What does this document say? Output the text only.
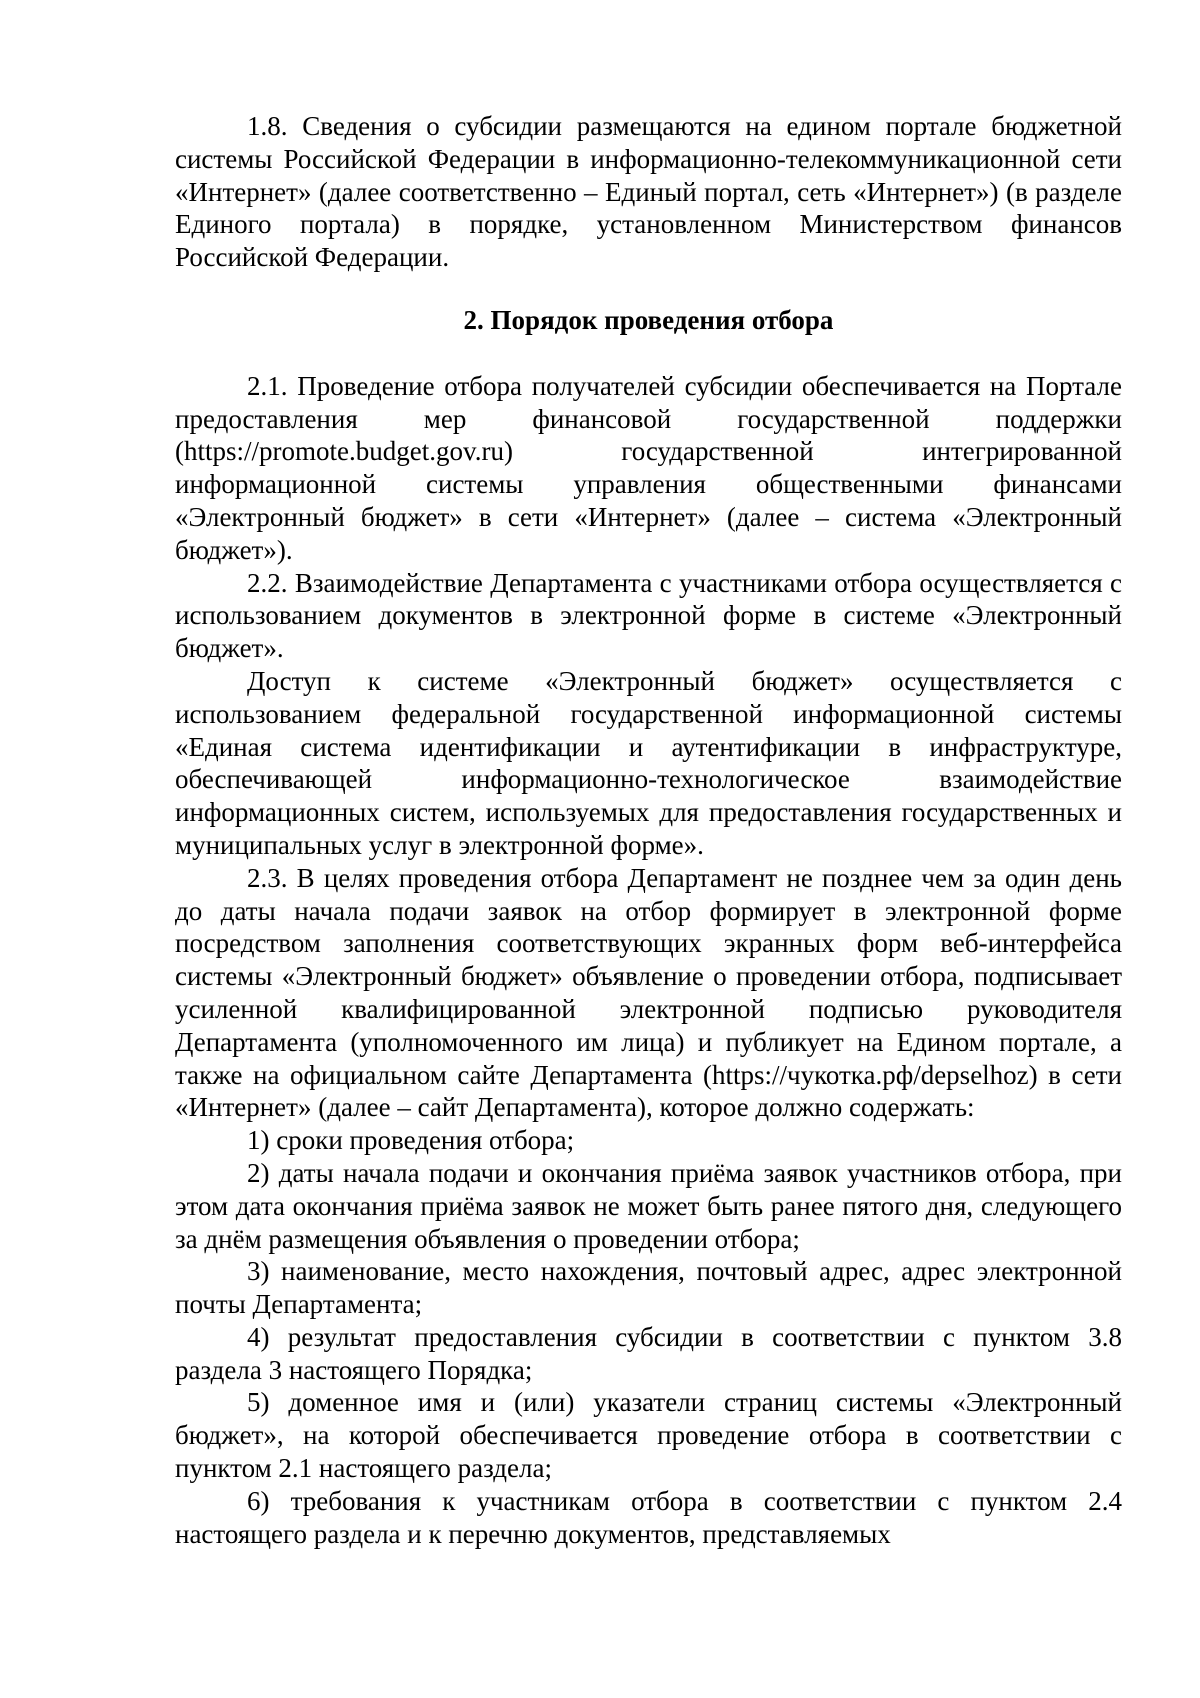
1.8. Сведения о субсидии размещаются на едином портале бюджетной системы Российской Федерации в информационно-телекоммуникационной сети «Интернет» (далее соответственно – Единый портал, сеть «Интернет») (в разделе Единого портала) в порядке, установленном Министерством финансов Российской Федерации.

2. Порядок проведения отбора

2.1. Проведение отбора получателей субсидии обеспечивается на Портале предоставления мер финансовой государственной поддержки (https://promote.budget.gov.ru) государственной интегрированной информационной системы управления общественными финансами «Электронный бюджет» в сети «Интернет» (далее – система «Электронный бюджет»).

2.2. Взаимодействие Департамента с участниками отбора осуществляется с использованием документов в электронной форме в системе «Электронный бюджет».

Доступ к системе «Электронный бюджет» осуществляется с использованием федеральной государственной информационной системы «Единая система идентификации и аутентификации в инфраструктуре, обеспечивающей информационно-технологическое взаимодействие информационных систем, используемых для предоставления государственных и муниципальных услуг в электронной форме».

2.3. В целях проведения отбора Департамент не позднее чем за один день до даты начала подачи заявок на отбор формирует в электронной форме посредством заполнения соответствующих экранных форм веб-интерфейса системы «Электронный бюджет» объявление о проведении отбора, подписывает усиленной квалифицированной электронной подписью руководителя Департамента (уполномоченного им лица) и публикует на Едином портале, а также на официальном сайте Департамента (https://чукотка.рф/depselhoz) в сети «Интернет» (далее – сайт Департамента), которое должно содержать:

1) сроки проведения отбора;

2) даты начала подачи и окончания приёма заявок участников отбора, при этом дата окончания приёма заявок не может быть ранее пятого дня, следующего за днём размещения объявления о проведении отбора;

3) наименование, место нахождения, почтовый адрес, адрес электронной почты Департамента;

4) результат предоставления субсидии в соответствии с пунктом 3.8 раздела 3 настоящего Порядка;

5) доменное имя и (или) указатели страниц системы «Электронный бюджет», на которой обеспечивается проведение отбора в соответствии с пунктом 2.1 настоящего раздела;

6) требования к участникам отбора в соответствии с пунктом 2.4 настоящего раздела и к перечню документов, представляемых
